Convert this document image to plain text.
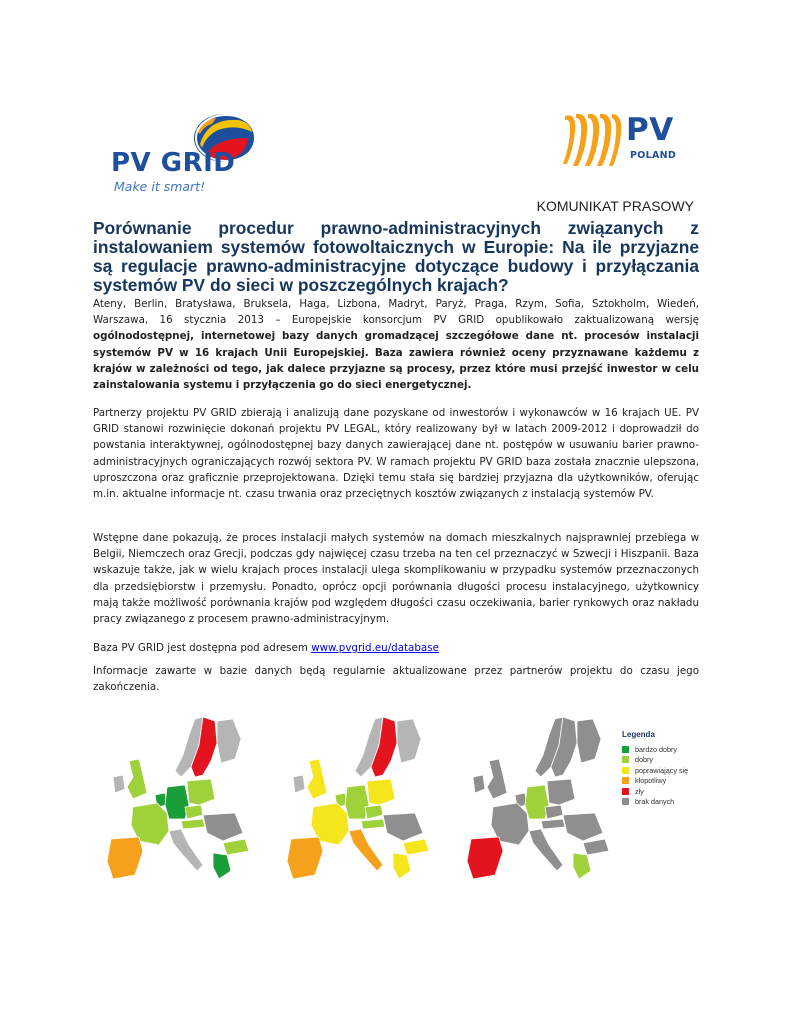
PV GRID
Make it smart!
PV
POLAND
KOMUNIKAT PRASOWY
Porównanie procedur prawno-administracyjnych związanych z instalowaniem systemów fotowoltaicznych w Europie: Na ile przyjazne są regulacje prawno-administracyjne dotyczące budowy i przyłączania systemów PV do sieci w poszczególnych krajach?

Ateny, Berlin, Bratysława, Bruksela, Haga, Lizbona, Madryt, Paryż, Praga, Rzym, Sofia, Sztokholm, Wiedeń, Warszawa, 16 stycznia 2013 – Europejskie konsorcjum PV GRID opublikowało zaktualizowaną wersję ogólnodostępnej, internetowej bazy danych gromadzącej szczegółowe dane nt. procesów instalacji systemów PV w 16 krajach Unii Europejskiej. Baza zawiera również oceny przyznawane każdemu z krajów w zależności od tego, jak dalece przyjazne są procesy, przez które musi przejść inwestor w celu zainstalowania systemu i przyłączenia go do sieci energetycznej.

Partnerzy projektu PV GRID zbierają i analizują dane pozyskane od inwestorów i wykonawców w 16 krajach UE. PV GRID stanowi rozwinięcie dokonań projektu PV LEGAL, który realizowany był w latach 2009-2012 i doprowadził do powstania interaktywnej, ogólnodostępnej bazy danych zawierającej dane nt. postępów w usuwaniu barier prawno-administracyjnych ograniczających rozwój sektora PV. W ramach projektu PV GRID baza została znacznie ulepszona, uproszczona oraz graficznie przeprojektowana. Dzięki temu stała się bardziej przyjazna dla użytkowników, oferując m.in. aktualne informacje nt. czasu trwania oraz przeciętnych kosztów związanych z instalacją systemów PV.

Wstępne dane pokazują, że proces instalacji małych systemów na domach mieszkalnych najsprawniej przebiega w Belgii, Niemczech oraz Grecji, podczas gdy najwięcej czasu trzeba na ten cel przeznaczyć w Szwecji i Hiszpanii. Baza wskazuje także, jak w wielu krajach proces instalacji ulega skomplikowaniu w przypadku systemów przeznaczonych dla przedsiębiorstw i przemysłu. Ponadto, oprócz opcji porównania długości procesu instalacyjnego, użytkownicy mają także możliwość porównania krajów pod względem długości czasu oczekiwania, barier rynkowych oraz nakładu pracy związanego z procesem prawno-administracyjnym.

Baza PV GRID jest dostępna pod adresem www.pvgrid.eu/database

Informacje zawarte w bazie danych będą regularnie aktualizowane przez partnerów projektu do czasu jego zakończenia.

Legenda
bardzo dobry
dobry
poprawiający się
kłopotliwy
zły
brak danych
